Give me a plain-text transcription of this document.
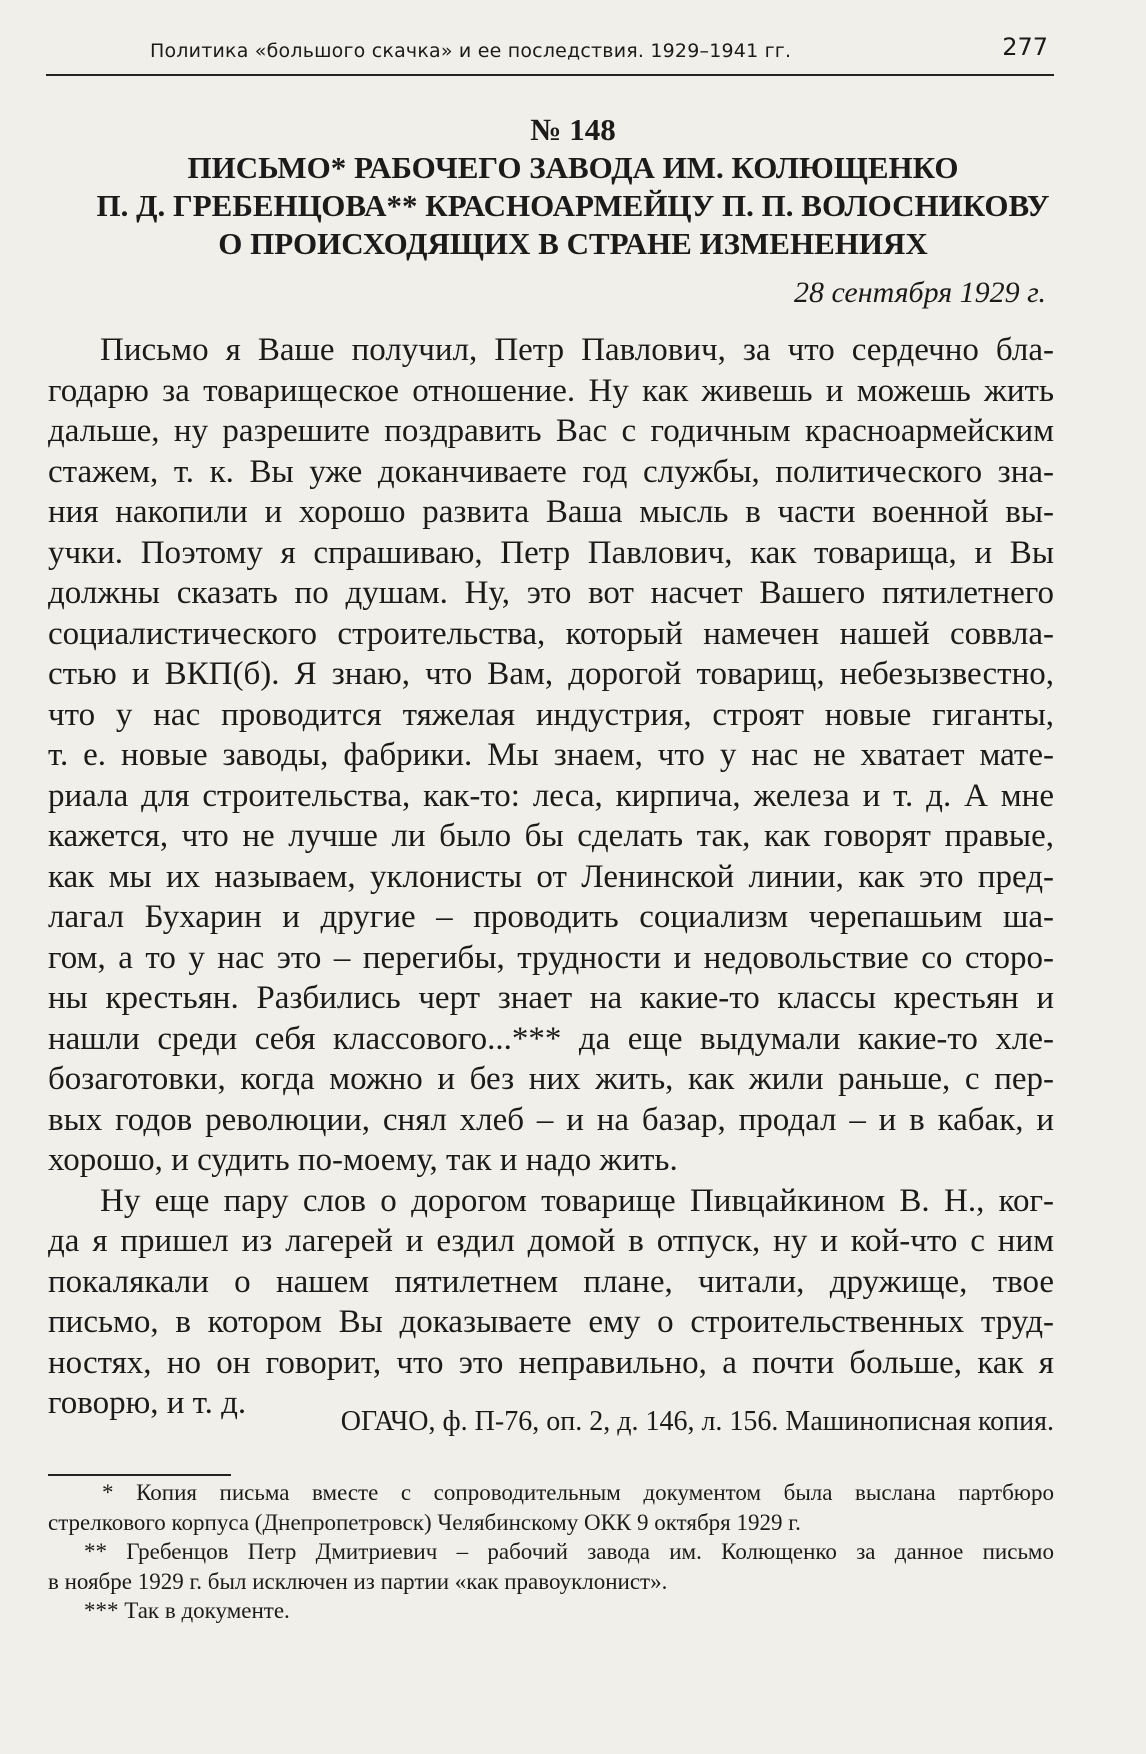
Политика «большого скачка» и ее последствия. 1929–1941 гг.	277
№ 148
ПИСЬМО* РАБОЧЕГО ЗАВОДА ИМ. КОЛЮЩЕНКО
П. Д. ГРЕБЕНЦОВА** КРАСНОАРМЕЙЦУ П. П. ВОЛОСНИКОВУ
О ПРОИСХОДЯЩИХ В СТРАНЕ ИЗМЕНЕНИЯХ
28 сентября 1929 г.
Письмо я Ваше получил, Петр Павлович, за что сердечно бла-
годарю за товарищеское отношение. Ну как живешь и можешь жить
дальше, ну разрешите поздравить Вас с годичным красноармейским
стажем, т. к. Вы уже доканчиваете год службы, политического зна-
ния накопили и хорошо развита Ваша мысль в части военной вы-
учки. Поэтому я спрашиваю, Петр Павлович, как товарища, и Вы
должны сказать по душам. Ну, это вот насчет Вашего пятилетнего
социалистического строительства, который намечен нашей соввла-
стью и ВКП(б). Я знаю, что Вам, дорогой товарищ, небезызвестно,
что у нас проводится тяжелая индустрия, строят новые гиганты,
т. е. новые заводы, фабрики. Мы знаем, что у нас не хватает мате-
риала для строительства, как-то: леса, кирпича, железа и т. д. А мне
кажется, что не лучше ли было бы сделать так, как говорят правые,
как мы их называем, уклонисты от Ленинской линии, как это пред-
лагал Бухарин и другие – проводить социализм черепашьим ша-
гом, а то у нас это – перегибы, трудности и недовольствие со сторо-
ны крестьян. Разбились черт знает на какие-то классы крестьян и
нашли среди себя классового...*** да еще выдумали какие-то хле-
бозаготовки, когда можно и без них жить, как жили раньше, с пер-
вых годов революции, снял хлеб – и на базар, продал – и в кабак, и
хорошо, и судить по-моему, так и надо жить.
Ну еще пару слов о дорогом товарище Пивцайкином В. Н., ког-
да я пришел из лагерей и ездил домой в отпуск, ну и кой-что с ним
покалякали о нашем пятилетнем плане, читали, дружище, твое
письмо, в котором Вы доказываете ему о строительственных труд-
ностях, но он говорит, что это неправильно, а почти больше, как я
говорю, и т. д.
ОГАЧО, ф. П-76, оп. 2, д. 146, л. 156. Машинописная копия.
* Копия письма вместе с сопроводительным документом была выслана партбюро
стрелкового корпуса (Днепропетровск) Челябинскому ОКК 9 октября 1929 г.
** Гребенцов Петр Дмитриевич – рабочий завода им. Колющенко за данное письмо
в ноябре 1929 г. был исключен из партии «как правоуклонист».
*** Так в документе.
